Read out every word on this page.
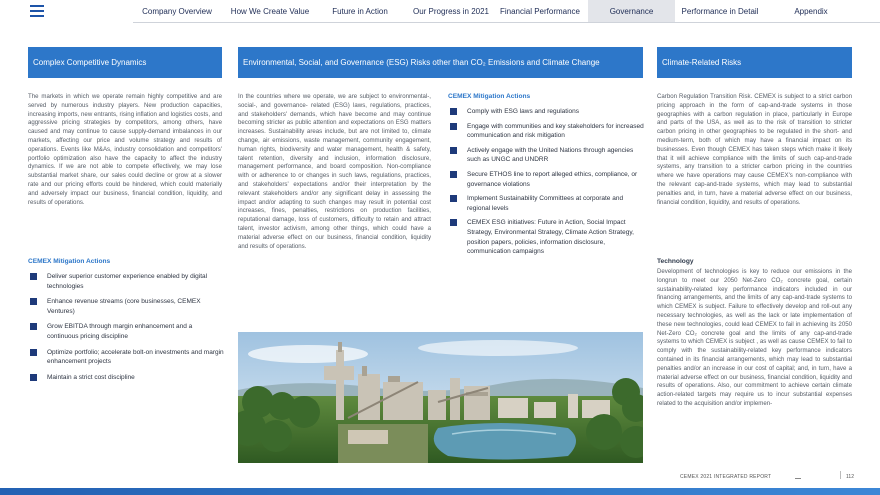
Company Overview	How We Create Value	Future in Action	Our Progress in 2021	Financial Performance	Governance	Performance in Detail	Appendix
Complex Competitive Dynamics

The markets in which we operate remain highly competitive and are served by numerous industry players. New production capacities, increasing imports, new entrants, rising inflation and logistics costs, and aggressive pricing strategies by competitors, among others, have caused and may continue to cause supply-demand imbalances in our markets, affecting our price and volume strategy and results of operations. Events like M&As, industry consolidation and competitors' portfolio optimization also have the capacity to affect the industry dynamics. If we are not able to compete effectively, we may lose substantial market share, our sales could decline or grow at a slower rate and our pricing efforts could be hindered, which could materially and adversely impact our business, financial condition, liquidity, and results of operations.

CEMEX Mitigation Actions
Deliver superior customer experience enabled by digital technologies
Enhance revenue streams (core businesses, CEMEX Ventures)
Grow EBITDA through margin enhancement and a continuous pricing discipline
Optimize portfolio; accelerate bolt-on investments and margin enhancement projects
Maintain a strict cost discipline
Environmental, Social, and Governance (ESG) Risks other than CO₂ Emissions and Climate Change

In the countries where we operate, we are subject to environmental-, social-, and governance- related (ESG) laws, regulations, practices, and stakeholders' demands, which have become and may continue becoming stricter as public attention and expectations on ESG matters increases. Sustainability areas include, but are not limited to, climate change, air emissions, waste management, community engagement, human rights, biodiversity and water management, health & safety, talent retention, diversity and inclusion, information disclosure, management performance, and board composition. Non-compliance with or adherence to or changes in such laws, regulations, practices, and stakeholders' expectations and/or their interpretation by the relevant stakeholders and/or any significant delay in assessing the impact and/or adapting to such changes may result in potential cost increases, fines, penalties, restrictions on production facilities, reputational damage, loss of customers, difficulty to retain and attract talent, investor activism, among other things, which could have a material adverse effect on our business, financial condition, liquidity and results of operations.

CEMEX Mitigation Actions
Comply with ESG laws and regulations
Engage with communities and key stakeholders for increased communication and risk mitigation
Actively engage with the United Nations through agencies such as UNGC and UNDRR
Secure ETHOS line to report alleged ethics, compliance, or governance violations
Implement Sustainability Committees at corporate and regional levels
CEMEX ESG initiatives: Future in Action, Social Impact Strategy, Environmental Strategy, Climate Action Strategy, position papers, policies, information disclosure, communication campaigns
Climate-Related Risks

Carbon Regulation Transition Risk. CEMEX is subject to a strict carbon pricing approach in the form of cap-and-trade systems in those geographies with a carbon regulation in place, particularly in Europe and parts of the USA, as well as to the risk of transition to stricter carbon pricing in other geographies to be regulated in the short- and medium-term, both of which may have a financial impact on its businesses. Even though CEMEX has taken steps which make it likely that it will achieve compliance with the limits of such cap-and-trade systems, any transition to a stricter carbon pricing in the countries where we have operations may cause CEMEX's non-compliance with the relevant cap-and-trade systems, which may lead to substantial penalties and, in turn, have a material adverse effect on our business, financial condition, liquidity, and results of operations.

Technology

Development of technologies is key to reduce our emissions in the longrun to meet our 2050 Net-Zero CO₂ concrete goal, certain sustainability-related key performance indicators included in our financing arrangements, and the limits of any cap-and-trade systems to which CEMEX is subject. Failure to effectively develop and roll-out any necessary technologies, as well as the lack or late implementation of these new technologies, could lead CEMEX to fail in achieving its 2050 Net-Zero CO₂ concrete goal and the limits of any cap-and-trade systems to which CEMEX is subject , as well as cause CEMEX to fail to comply with the sustainability-related key performance indicators contained in its financial arrangements, which may lead to substantial penalties and/or an increase in our cost of capital; and, in turn, have a material adverse effect on our business, financial condition, liquidity and results of operations. Also, our commitment to achieve certain climate action-related targets may require us to incur substantial expenses related to the acquisition and/or implemen-

CEMEX 2021 INTEGRATED REPORT	112
